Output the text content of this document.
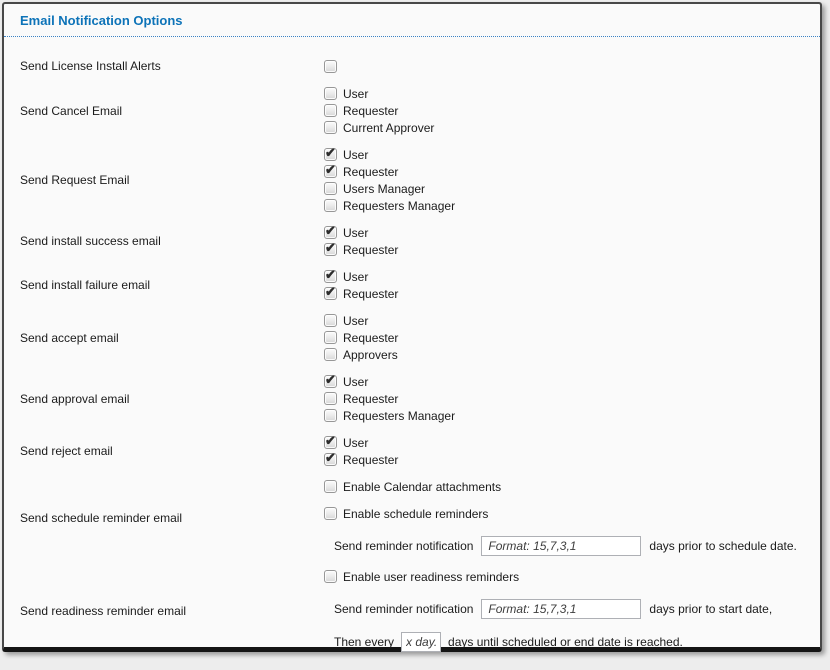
Email Notification Options
Send License Install Alerts
Send Cancel Email
User
Requester
Current Approver
Send Request Email
✔
User
✔
Requester
Users Manager
Requesters Manager
Send install success email
✔
User
✔
Requester
Send install failure email
✔
User
✔
Requester
Send accept email
User
Requester
Approvers
Send approval email
✔
User
Requester
Requesters Manager
Send reject email
✔
User
✔
Requester
Send schedule reminder email
Enable Calendar attachments
Enable schedule reminders
Send reminder notification
Format: 15,7,3,1	days prior to schedule date.
Send readiness reminder email
Enable user readiness reminders
Send reminder notification
Format: 15,7,3,1	days prior to start date,
Then every
x day.	days until scheduled or end date is reached.
